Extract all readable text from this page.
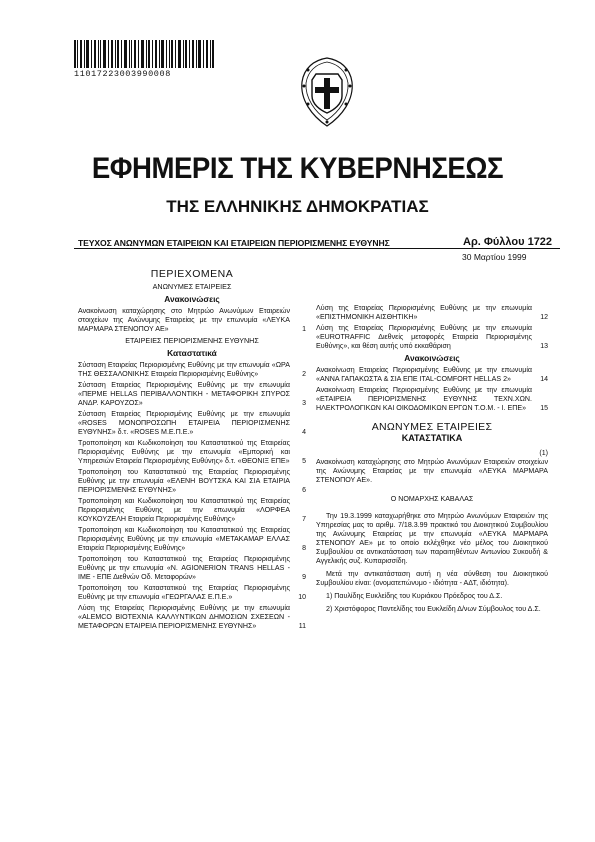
11017223003990008
ΕΦΗΜΕΡΙΣ ΤΗΣ ΚΥΒΕΡΝΗΣΕΩΣ
ΤΗΣ ΕΛΛΗΝΙΚΗΣ ΔΗΜΟΚΡΑΤΙΑΣ
ΤΕΥΧΟΣ ΑΝΩΝΥΜΩΝ ΕΤΑΙΡΕΙΩΝ ΚΑΙ ΕΤΑΙΡΕΙΩΝ ΠΕΡΙΟΡΙΣΜΕΝΗΣ ΕΥΘΥΝΗΣ	Αρ. Φύλλου 1722
30 Μαρτίου 1999
ΠΕΡΙΕΧΟΜΕΝΑ
ΑΝΩΝΥΜΕΣ ΕΤΑΙΡΕΙΕΣ
Ανακοινώσεις
Ανακοίνωση καταχώρησης στο Μητρώο Ανωνύμων Εταιρειών στοιχείων της Ανώνυμης Εταιρείας με την επωνυμία «ΛΕΥΚΑ ΜΑΡΜΑΡΑ ΣΤΕΝΟΠΟΥ ΑΕ»	1
ΕΤΑΙΡΕΙΕΣ ΠΕΡΙΟΡΙΣΜΕΝΗΣ ΕΥΘΥΝΗΣ
Καταστατικά
Σύσταση Εταιρείας Περιορισμένης Ευθύνης με την επωνυμία «ΩΡΑ ΤΗΣ ΘΕΣΣΑΛΟΝΙΚΗΣ Εταιρεία Περιορισμένης Ευθύνης»	2
Σύσταση Εταιρείας Περιορισμένης Ευθύνης με την επωνυμία «ΠΕΡΜΕ HELLAS ΠΕΡΙΒΑΛΛΟΝΤΙΚΗ - ΜΕΤΑΦΟΡΙΚΗ ΣΠΥΡΟΣ ΑΝΔΡ. ΚΑΡΟΥΖΟΣ»	3
Σύσταση Εταιρείας Περιορισμένης Ευθύνης με την επωνυμία «ROSES ΜΟΝΟΠΡΟΣΩΠΗ ΕΤΑΙΡΕΙΑ ΠΕΡΙΟΡΙΣΜΕΝΗΣ ΕΥΘΥΝΗΣ» δ.τ. «ROSES Μ.Ε.Π.Ε.»	4
Τροποποίηση και Κωδικοποίηση του Καταστατικού της Εταιρείας Περιορισμένης Ευθύνης με την επωνυμία «Εμπορική και Υπηρεσιών Εταιρεία Περιορισμένης Ευθύνης» δ.τ. «ΘΕΟΝΙΞ ΕΠΕ»	5
Τροποποίηση του Καταστατικού της Εταιρείας Περιορισμένης Ευθύνης με την επωνυμία «ΕΛΕΝΗ ΒΟΥΤΣΚΑ ΚΑΙ ΣΙΑ ΕΤΑΙΡΙΑ ΠΕΡΙΟΡΙΣΜΕΝΗΣ ΕΥΘΥΝΗΣ»	6
Τροποποίηση και Κωδικοποίηση του Καταστατικού της Εταιρείας Περιορισμένης Ευθύνης με την επωνυμία «ΛΟΡΦΕΑ ΚΟΥΚΟΥΖΕΛΗ Εταιρεία Περιορισμένης Ευθύνης»	7
Τροποποίηση και Κωδικοποίηση του Καταστατικού της Εταιρείας Περιορισμένης Ευθύνης με την επωνυμία «ΜΕΤΑΚΑΜΑΡ ΕΛΛΑΣ Εταιρεία Περιορισμένης Ευθύνης»	8
Τροποποίηση του Καταστατικού της Εταιρείας Περιορισμένης Ευθύνης με την επωνυμία «Ν. AGIONERION TRANS HELLAS - ΙΜΕ - ΕΠΕ Διεθνών Οδ. Μεταφορών»	9
Τροποποίηση του Καταστατικού της Εταιρείας Περιορισμένης Ευθύνης με την επωνυμία «ΓΕΩΡΓΑΛΑΣ Ε.Π.Ε.»	10
Λύση της Εταιρείας Περιορισμένης Ευθύνης με την επωνυμία «ALEMCO ΒΙΟΤΕΧΝΙΑ ΚΑΛΛΥΝΤΙΚΩΝ ΔΗΜΟΣΙΩΝ ΣΧΕΣΕΩΝ - ΜΕΤΑΦΟΡΩΝ ΕΤΑΙΡΕΙΑ ΠΕΡΙΟΡΙΣΜΕΝΗΣ ΕΥΘΥΝΗΣ»	11
Λύση της Εταιρείας Περιορισμένης Ευθύνης με την επωνυμία «ΕΠΙΣΤΗΜΟΝΙΚΗ ΑΙΣΘΗΤΙΚΗ»	12
Λύση της Εταιρείας Περιορισμένης Ευθύνης με την επωνυμία «EUROTRAFFIC Διεθνείς μεταφορές Εταιρεία Περιορισμένης Ευθύνης», και θέση αυτής υπό εκκαθάριση	13
Ανακοινώσεις
Ανακοίνωση Εταιρείας Περιορισμένης Ευθύνης με την επωνυμία «ΑΝΝΑ ΓΑΠΑΚΩΣΤΑ & ΣΙΑ ΕΠΕ ITAL-COMFORT HELLAS 2»	14
Ανακοίνωση Εταιρείας Περιορισμένης Ευθύνης με την επωνυμία «ΕΤΑΙΡΕΙΑ ΠΕΡΙΟΡΙΣΜΕΝΗΣ ΕΥΘΥΝΗΣ ΤΕΧΝ.ΧΩΝ. ΗΛΕΚΤΡΟΛΟΓΙΚΩΝ ΚΑΙ ΟΙΚΟΔΟΜΙΚΩΝ ΕΡΓΩΝ Τ.Ο.Μ. - Ι. ΕΠΕ»	15
ΑΝΩΝΥΜΕΣ ΕΤΑΙΡΕΙΕΣ
ΚΑΤΑΣΤΑΤΙΚΑ
(1)
Ανακοίνωση καταχώρησης στο Μητρώο Ανωνύμων Εταιρειών στοιχείων της Ανώνυμης Εταιρείας με την επωνυμία «ΛΕΥΚΑ ΜΑΡΜΑΡΑ ΣΤΕΝΟΠΟΥ ΑΕ».
Ο ΝΟΜΑΡΧΗΣ ΚΑΒΑΛΑΣ
Την 19.3.1999 καταχωρήθηκε στο Μητρώο Ανωνύμων Εταιρειών της Υπηρεσίας μας το αριθμ. 7/18.3.99 πρακτικό του Διοικητικού Συμβουλίου της Ανώνυμης Εταιρείας με την επωνυμία «ΛΕΥΚΑ ΜΑΡΜΑΡΑ ΣΤΕΝΟΠΟΥ ΑΕ» με το οποίο εκλέχθηκε νέο μέλος του Διοικητικού Συμβουλίου σε αντικατάσταση των παραιτηθέντων Αντωνίου Συκουδή & Αγγελικής συζ. Κυπαρισσίδη.
Μετά την αντικατάσταση αυτή η νέα σύνθεση του Διοικητικού Συμβουλίου είναι: (ονοματεπώνυμο - ιδιότητα - ΑΔΤ, ιδιότητα).
1) Παυλίδης Ευκλείδης του Κυριάκου Πρόεδρος του Δ.Σ.
2) Χριστόφορος Παντελίδης του Ευκλείδη Δ/νων Σύμβουλος του Δ.Σ.
